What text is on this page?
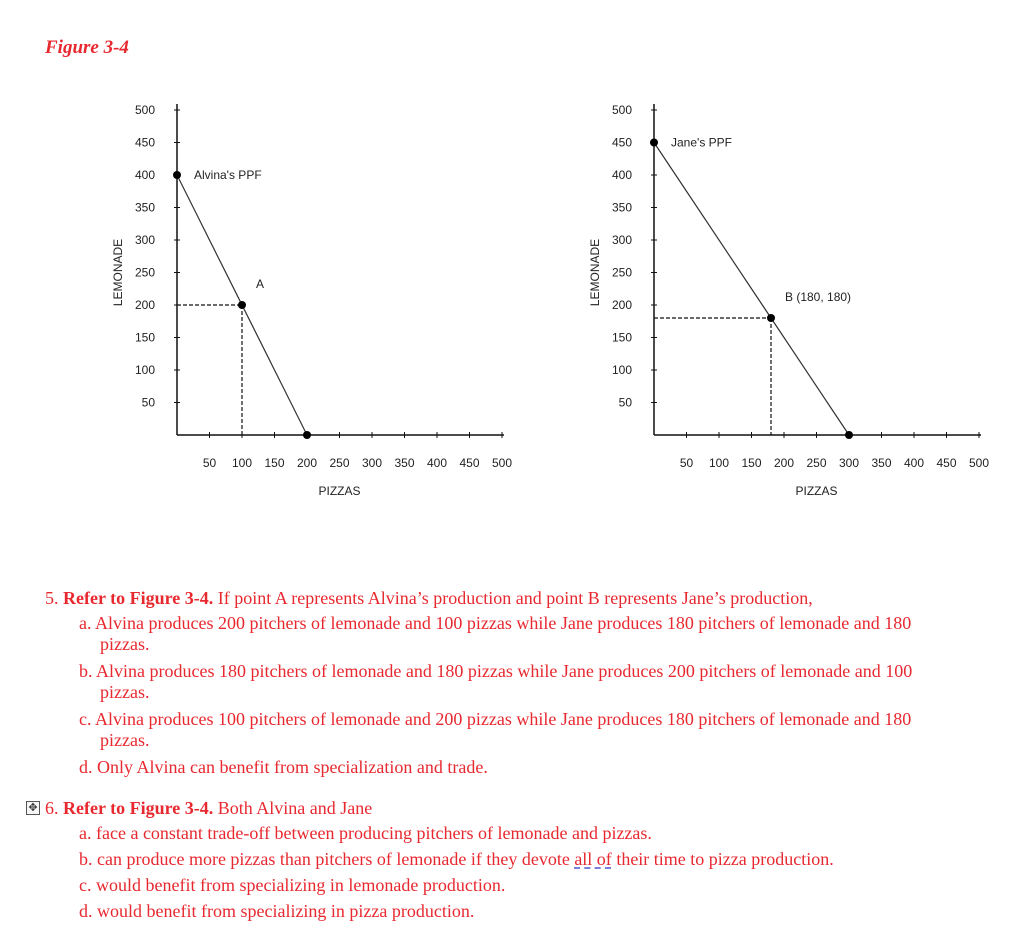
Figure 3-4
50
100
150
200
250
300
350
400
450
500
50 100 150 200 250 300 350 400 450 500
PIZZAS
LEMONADE
Alvina's PPF
A
50
100
150
200
250
300
350
400
450
500
50 100 150 200 250 300 350 400 450 500
PIZZAS
LEMONADE
Jane's PPF
B (180, 180)

5. Refer to Figure 3-4. If point A represents Alvina’s production and point B represents Jane’s production,

a. Alvina produces 200 pitchers of lemonade and 100 pizzas while Jane produces 180 pitchers of lemonade and 180 pizzas.

b. Alvina produces 180 pitchers of lemonade and 180 pizzas while Jane produces 200 pitchers of lemonade and 100 pizzas.

c. Alvina produces 100 pitchers of lemonade and 200 pizzas while Jane produces 180 pitchers of lemonade and 180 pizzas.

d. Only Alvina can benefit from specialization and trade.

✥ 6. Refer to Figure 3-4. Both Alvina and Jane

a. face a constant trade-off between producing pitchers of lemonade and pizzas.

b. can produce more pizzas than pitchers of lemonade if they devote all of their time to pizza production.

c. would benefit from specializing in lemonade production.

d. would benefit from specializing in pizza production.
